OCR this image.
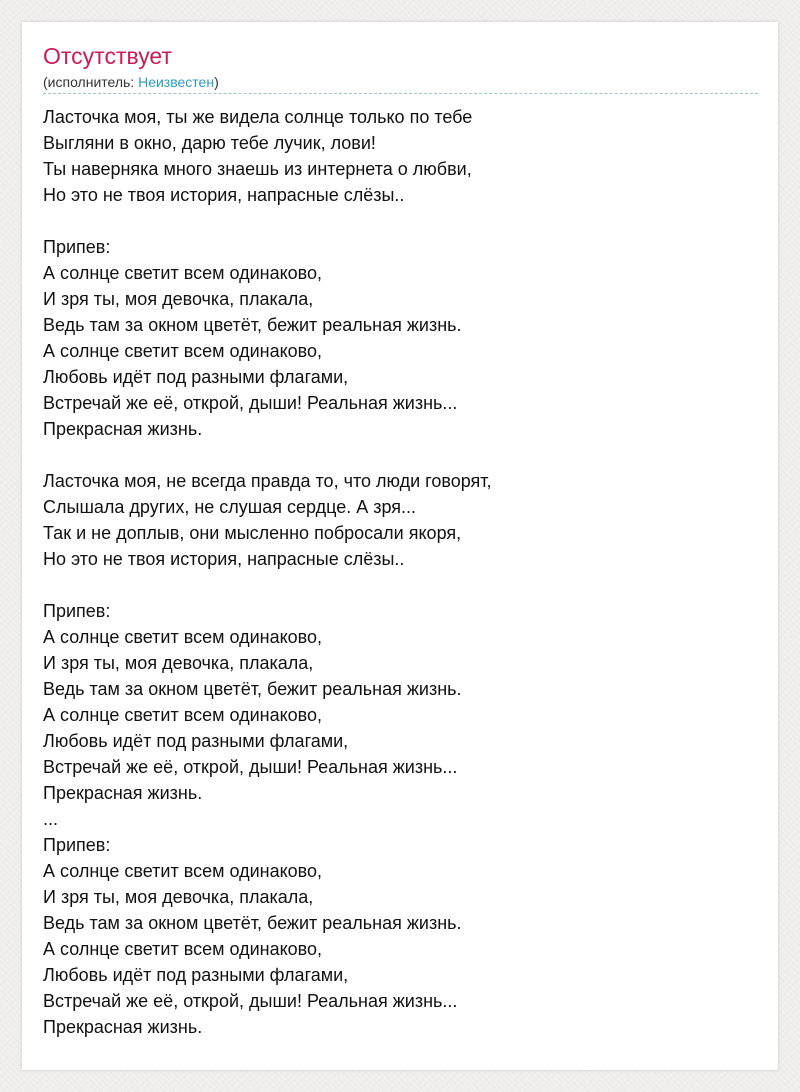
Отсутствует
(исполнитель: Неизвестен)
Ласточка моя, ты же видела солнце только по тебе
Выгляни в окно, дарю тебе лучик, лови!
Ты наверняка много знаешь из интернета о любви,
Но это не твоя история, напрасные слёзы..
Припев:
А солнце светит всем одинаково,
И зря ты, моя девочка, плакала,
Ведь там за окном цветёт, бежит реальная жизнь.
А солнце светит всем одинаково,
Любовь идёт под разными флагами,
Встречай же её, открой, дыши! Реальная жизнь...
Прекрасная жизнь.
Ласточка моя, не всегда правда то, что люди говорят,
Слышала других, не слушая сердце. А зря...
Так и не доплыв, они мысленно побросали якоря,
Но это не твоя история, напрасные слёзы..
Припев:
А солнце светит всем одинаково,
И зря ты, моя девочка, плакала,
Ведь там за окном цветёт, бежит реальная жизнь.
А солнце светит всем одинаково,
Любовь идёт под разными флагами,
Встречай же её, открой, дыши! Реальная жизнь...
Прекрасная жизнь.
...
Припев:
А солнце светит всем одинаково,
И зря ты, моя девочка, плакала,
Ведь там за окном цветёт, бежит реальная жизнь.
А солнце светит всем одинаково,
Любовь идёт под разными флагами,
Встречай же её, открой, дыши! Реальная жизнь...
Прекрасная жизнь.
